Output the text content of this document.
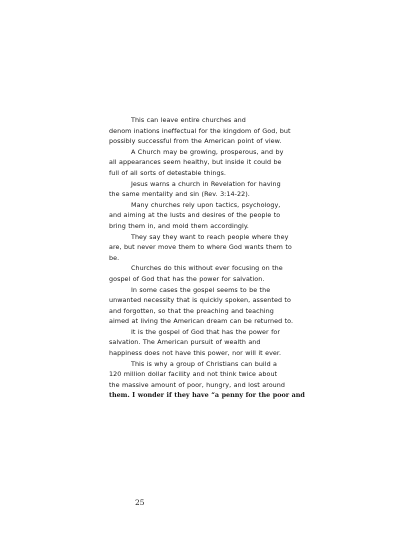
This can leave entire churches and
denom inations ineffectual for the kingdom of God, but
possibly successful from the American point of view.
A Church may be growing, prosperous, and by
all appearances seem healthy, but inside it could be
full of all sorts of detestable things.
Jesus warns a church in Revelation for having
the same mentality and sin (Rev. 3:14-22).
Many churches rely upon tactics, psychology,
and aiming at the lusts and desires of the people to
bring them in, and mold them accordingly.
They say they want to reach people where they
are, but never move them to where God wants them to
be.
Churches do this without ever focusing on the
gospel of God that has the power for salvation.
In some cases the gospel seems to be the
unwanted necessity that is quickly spoken, assented to
and forgotten, so that the preaching and teaching
aimed at living the American dream can be returned to.
It is the gospel of God that has the power for
salvation. The American pursuit of wealth and
happiness does not have this power, nor will it ever.
This is why a group of Christians can build a
120 million dollar facility and not think twice about
the massive amount of poor, hungry, and lost around
them. I wonder if they have “a penny for the poor and
25
